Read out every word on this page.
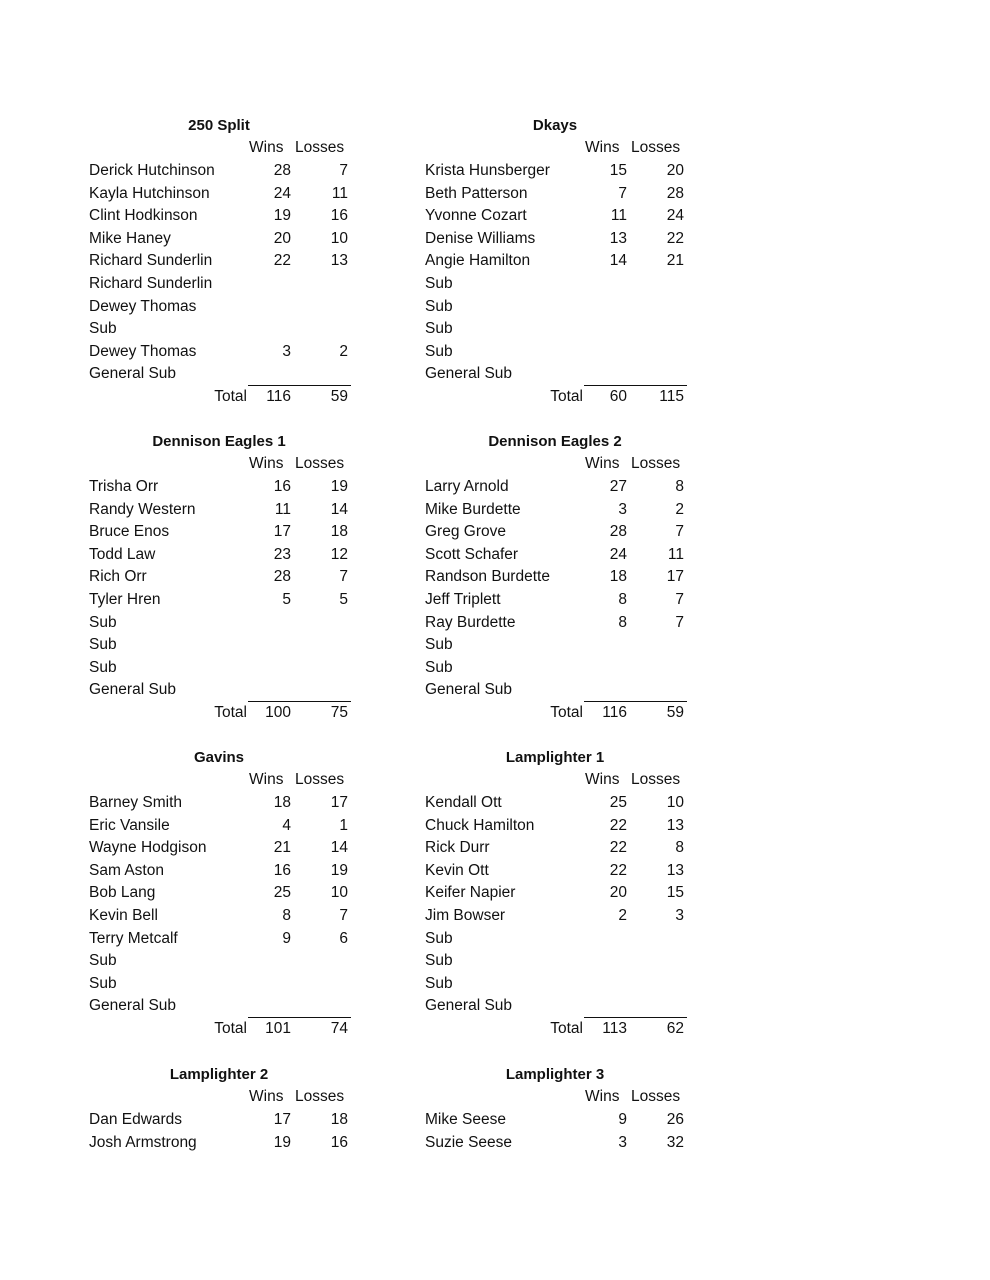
250 Split
Wins Losses
Derick Hutchinson	28	7
Kayla Hutchinson	24	11
Clint Hodkinson	19	16
Mike Haney	20	10
Richard Sunderlin	22	13
Richard Sunderlin
Dewey Thomas
Sub
Dewey Thomas	3	2
General Sub
Total 116	59
Dkays
Wins Losses
Krista Hunsberger	15	20
Beth Patterson	7	28
Yvonne Cozart	11	24
Denise Williams	13	22
Angie Hamilton	14	21
Sub
Sub
Sub
Sub
General Sub
Total 60 115
Dennison Eagles 1
Wins Losses
Trisha Orr	16	19
Randy Western	11	14
Bruce Enos	17	18
Todd Law	23	12
Rich Orr	28	7
Tyler Hren	5	5
Sub
Sub
Sub
General Sub
Total 100	75
Dennison Eagles 2
Wins Losses
Larry Arnold	27	8
Mike Burdette	3	2
Greg Grove	28	7
Scott Schafer	24	11
Randson Burdette	18	17
Jeff Triplett	8	7
Ray Burdette	8	7
Sub
Sub
General Sub
Total 116	59
Gavins
Wins Losses
Barney Smith	18	17
Eric Vansile	4	1
Wayne Hodgison	21	14
Sam Aston	16	19
Bob Lang	25	10
Kevin Bell	8	7
Terry Metcalf	9	6
Sub
Sub
General Sub
Total 101	74
Lamplighter 1
Wins Losses
Kendall Ott	25	10
Chuck Hamilton	22	13
Rick Durr	22	8
Kevin Ott	22	13
Keifer Napier	20	15
Jim Bowser	2	3
Sub
Sub
Sub
General Sub
Total 113	62
Lamplighter 2
Wins Losses
Dan Edwards	17	18
Josh Armstrong	19	16
Lamplighter 3
Wins Losses
Mike Seese	9	26
Suzie Seese	3	32
